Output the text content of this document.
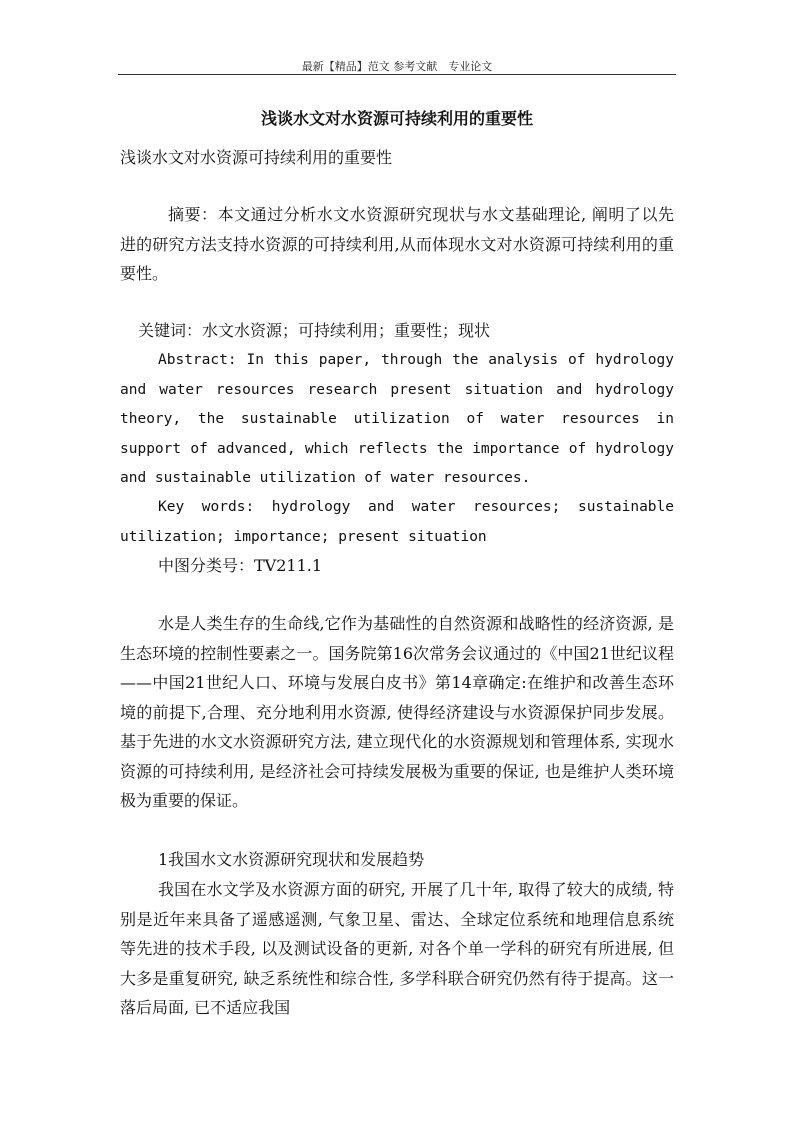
最新【精品】范文 参考文献　专业论文
浅谈水文对水资源可持续利用的重要性
浅谈水文对水资源可持续利用的重要性
摘要：本文通过分析水文水资源研究现状与水文基础理论, 阐明了以先进的研究方法支持水资源的可持续利用,从而体现水文对水资源可持续利用的重要性。
关键词：水文水资源；可持续利用；重要性；现状
Abstract: In this paper, through the analysis of hydrology
and water resources research present situation and hydrology
theory, the sustainable utilization of water resources in
support of advanced, which reflects the importance of hydrology
and sustainable utilization of water resources.
Key words: hydrology and water resources; sustainable
utilization; importance; present situation
中图分类号：TV211.1
水是人类生存的生命线,它作为基础性的自然资源和战略性的经济资源, 是生态环境的控制性要素之一。国务院第16次常务会议通过的《中国21世纪议程——中国21世纪人口、环境与发展白皮书》第14章确定:在维护和改善生态环境的前提下,合理、充分地利用水资源, 使得经济建设与水资源保护同步发展。基于先进的水文水资源研究方法, 建立现代化的水资源规划和管理体系, 实现水资源的可持续利用, 是经济社会可持续发展极为重要的保证, 也是维护人类环境极为重要的保证。
1我国水文水资源研究现状和发展趋势
我国在水文学及水资源方面的研究, 开展了几十年, 取得了较大的成绩, 特别是近年来具备了遥感遥测, 气象卫星、雷达、全球定位系统和地理信息系统等先进的技术手段, 以及测试设备的更新, 对各个单一学科的研究有所进展, 但大多是重复研究, 缺乏系统性和综合性, 多学科联合研究仍然有待于提高。这一落后局面, 已不适应我国
